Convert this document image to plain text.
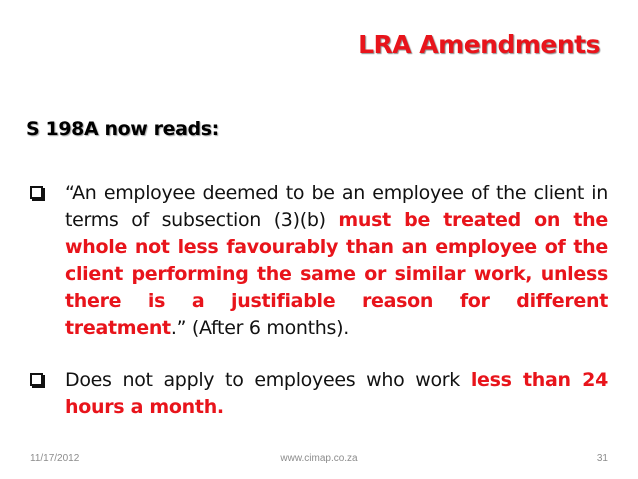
LRA Amendments
S 198A now reads:
“An employee deemed to be an employee of the client in terms of subsection (3)(b) must be treated on the whole not less favourably than an employee of the client performing the same or similar work, unless there is a justifiable reason for different treatment.” (After 6 months).
Does not apply to employees who work less than 24 hours a month.
11/17/2012	www.cimap.co.za	31
